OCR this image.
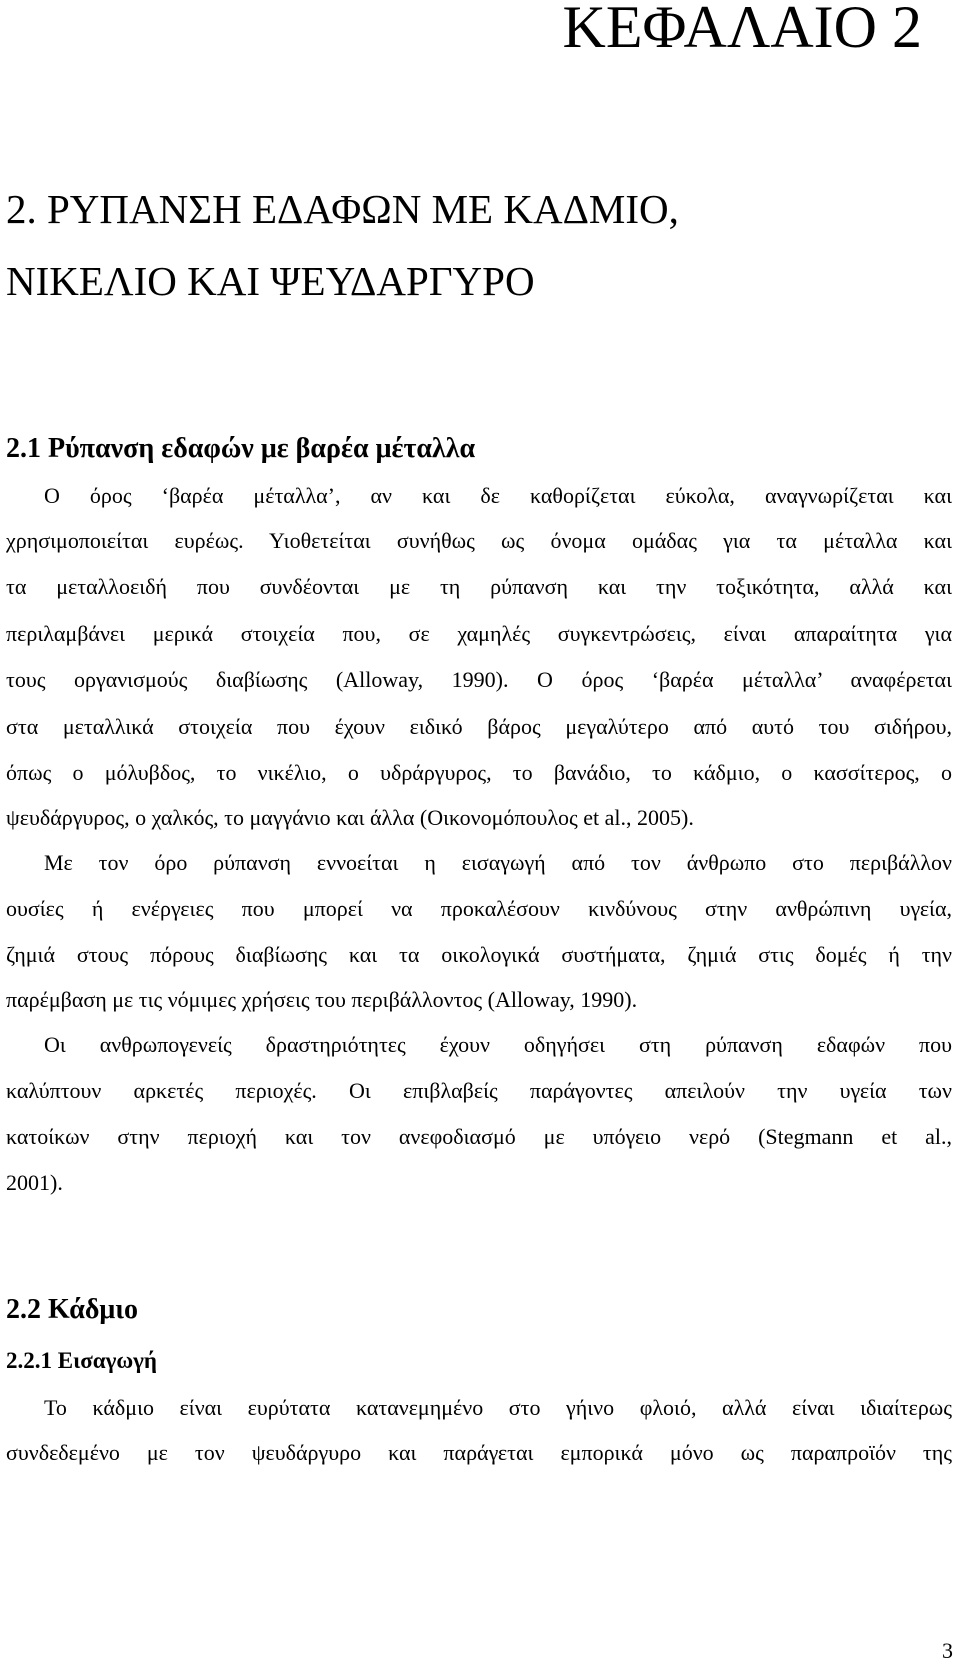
ΚΕΦΑΛΑΙΟ 2
2. ΡΥΠΑΝΣΗ ΕΔΑΦΩΝ ΜΕ ΚΑΔΜΙΟ,
ΝΙΚΕΛΙΟ ΚΑΙ ΨΕΥΔΑΡΓΥΡΟ
2.1 Ρύπανση εδαφών με βαρέα μέταλλα

Ο όρος ‘βαρέα μέταλλα’, αν και δε καθορίζεται εύκολα, αναγνωρίζεται και

χρησιμοποιείται ευρέως. Υιοθετείται συνήθως ως όνομα ομάδας για τα μέταλλα και

τα μεταλλοειδή που συνδέονται με τη ρύπανση και την τοξικότητα, αλλά και

περιλαμβάνει μερικά στοιχεία που, σε χαμηλές συγκεντρώσεις, είναι απαραίτητα για

τους οργανισμούς διαβίωσης (Alloway, 1990). Ο όρος ‘βαρέα μέταλλα’ αναφέρεται

στα μεταλλικά στοιχεία που έχουν ειδικό βάρος μεγαλύτερο από αυτό του σιδήρου,

όπως ο μόλυβδος, το νικέλιο, ο υδράργυρος, το βανάδιο, το κάδμιο, ο κασσίτερος, ο

ψευδάργυρος, ο χαλκός, το μαγγάνιο και άλλα (Οικονομόπουλος et al., 2005).

Με τον όρο ρύπανση εννοείται η εισαγωγή από τον άνθρωπο στο περιβάλλον

ουσίες ή ενέργειες που μπορεί να προκαλέσουν κινδύνους στην ανθρώπινη υγεία,

ζημιά στους πόρους διαβίωσης και τα οικολογικά συστήματα, ζημιά στις δομές ή την

παρέμβαση με τις νόμιμες χρήσεις του περιβάλλοντος (Alloway, 1990).

Οι ανθρωπογενείς δραστηριότητες έχουν οδηγήσει στη ρύπανση εδαφών που

καλύπτουν αρκετές περιοχές. Οι επιβλαβείς παράγοντες απειλούν την υγεία των

κατοίκων στην περιοχή και τον ανεφοδιασμό με υπόγειο νερό (Stegmann et al.,

2001).

2.2 Κάδμιο
2.2.1 Εισαγωγή

Το κάδμιο είναι ευρύτατα κατανεμημένο στο γήινο φλοιό, αλλά είναι ιδιαίτερως

συνδεδεμένο με τον ψευδάργυρο και παράγεται εμπορικά μόνο ως παραπροϊόν της

3
